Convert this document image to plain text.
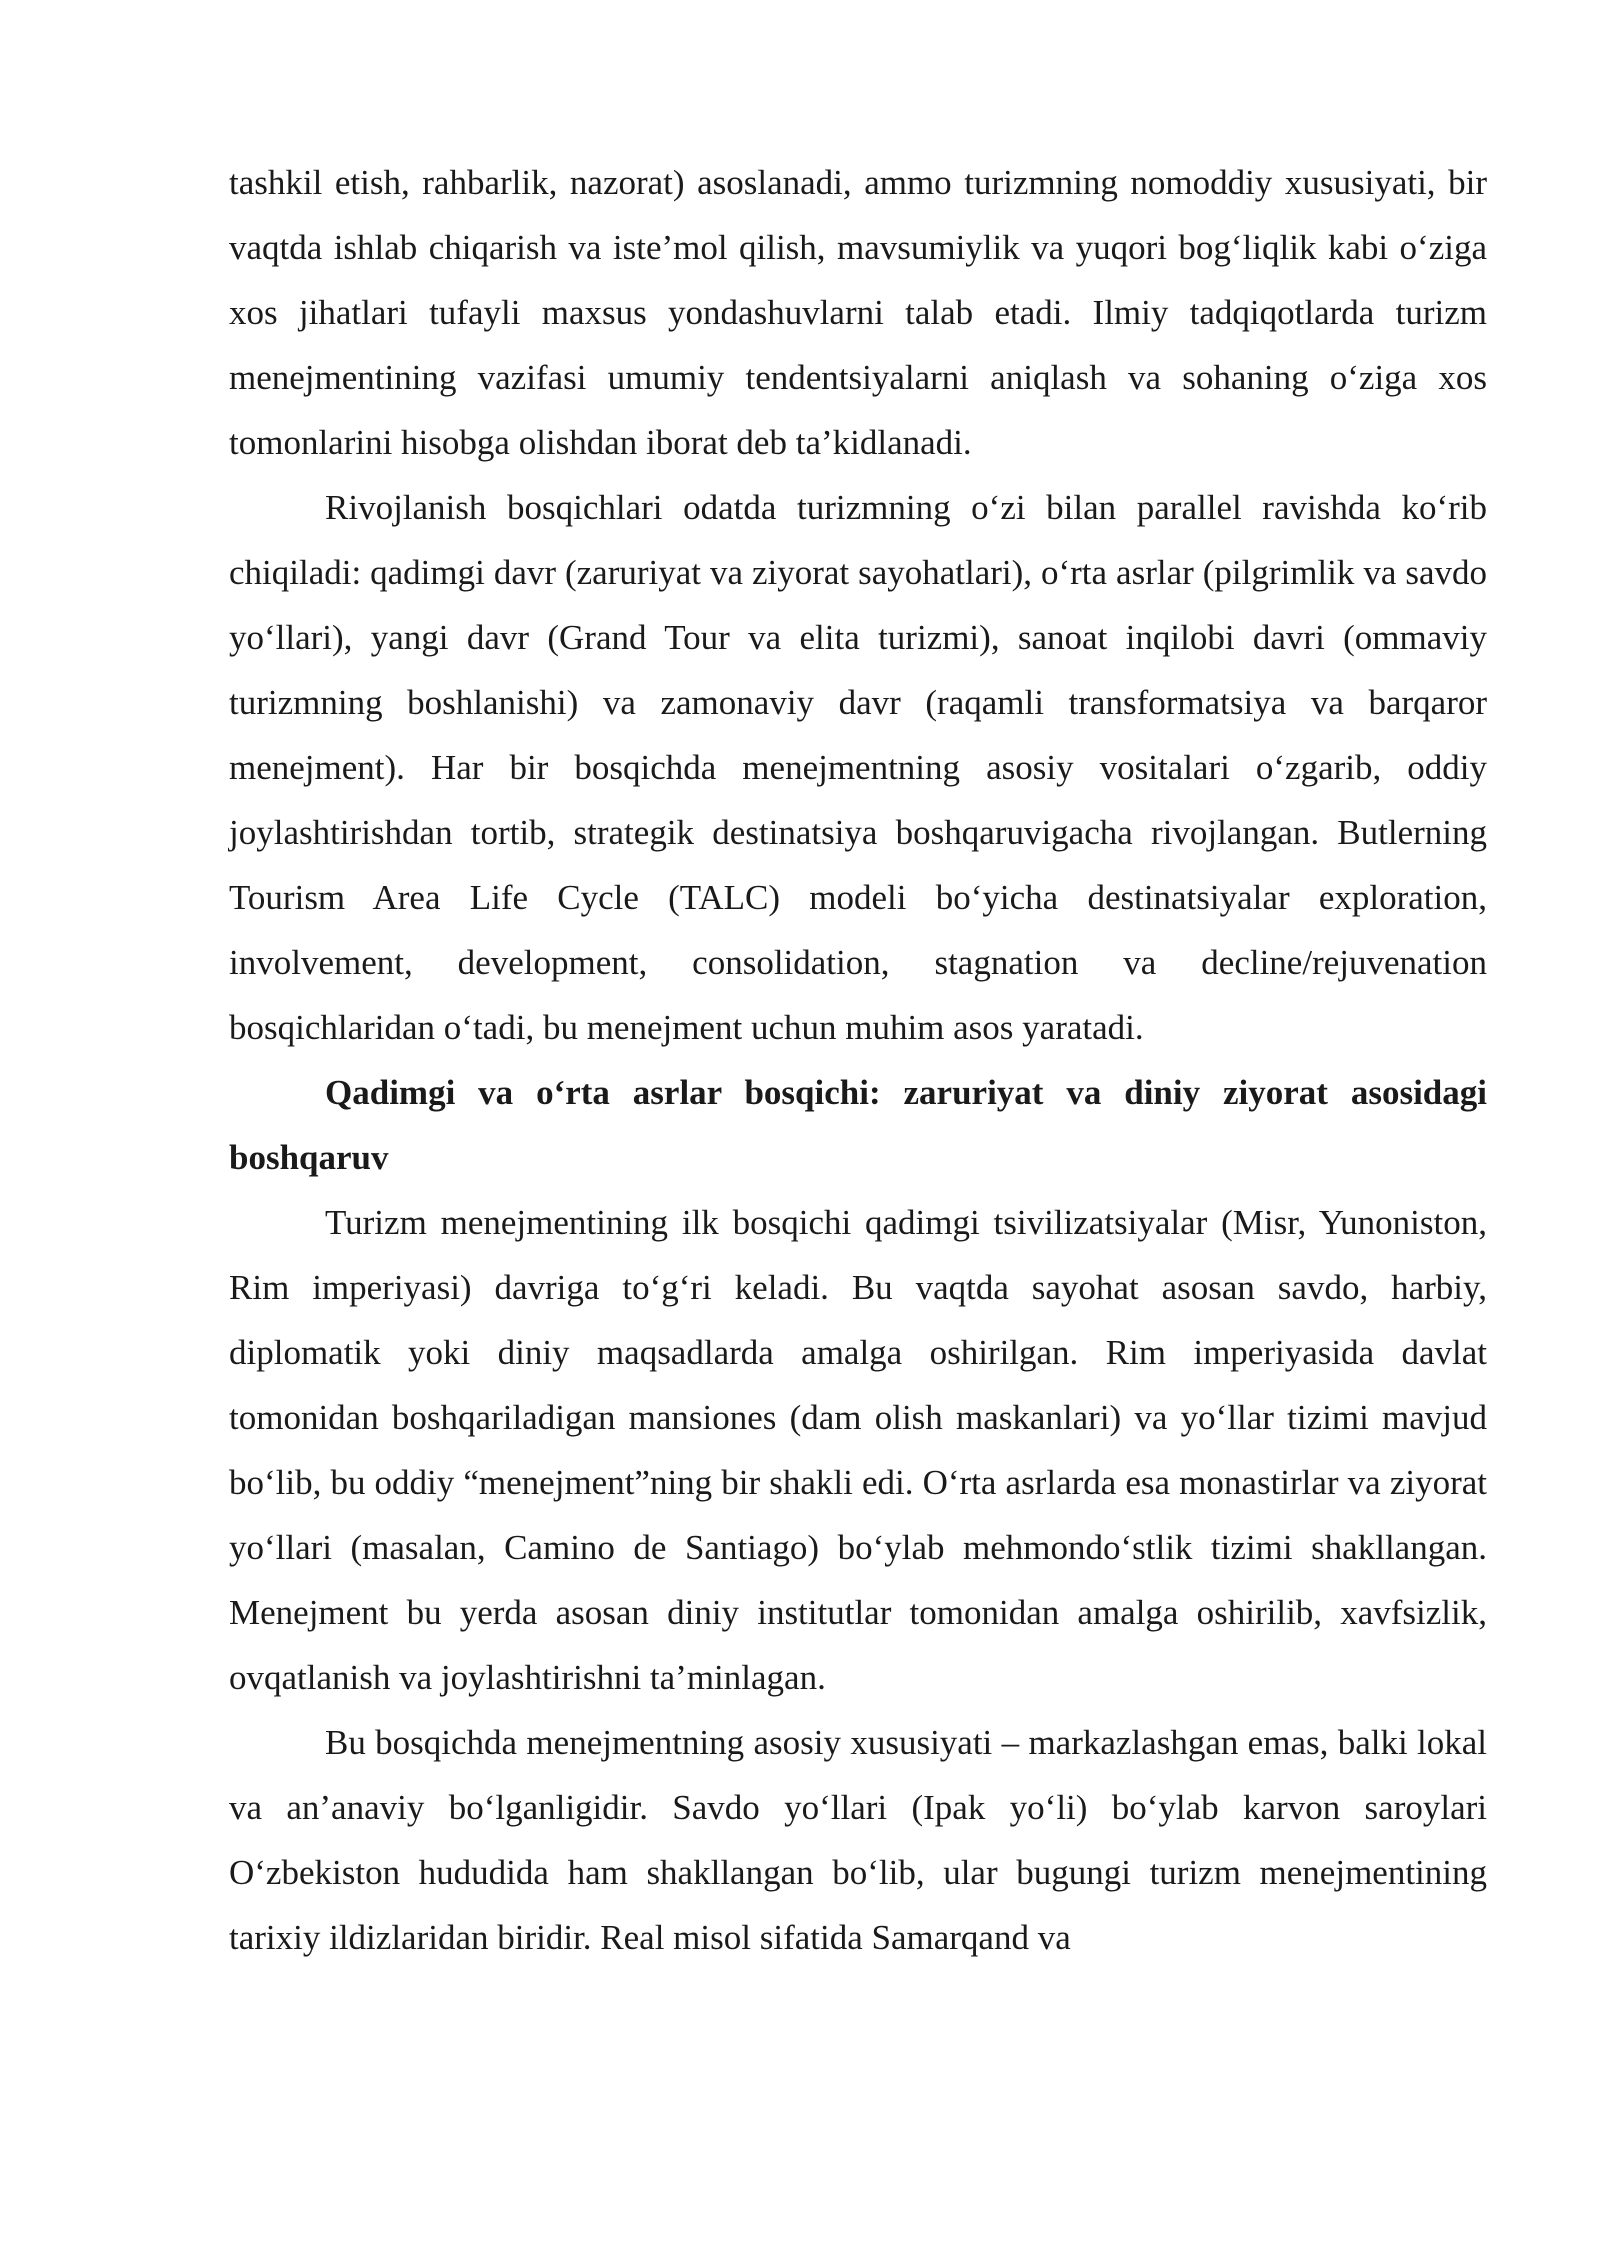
tashkil etish, rahbarlik, nazorat) asoslanadi, ammo turizmning nomoddiy xususiyati, bir vaqtda ishlab chiqarish va iste’mol qilish, mavsumiylik va yuqori bog‘liqlik kabi o‘ziga xos jihatlari tufayli maxsus yondashuvlarni talab etadi. Ilmiy tadqiqotlarda turizm menejmentining vazifasi umumiy tendentsiyalarni aniqlash va sohaning o‘ziga xos tomonlarini hisobga olishdan iborat deb ta’kidlanadi.

Rivojlanish bosqichlari odatda turizmning o‘zi bilan parallel ravishda ko‘rib chiqiladi: qadimgi davr (zaruriyat va ziyorat sayohatlari), o‘rta asrlar (pilgrimlik va savdo yo‘llari), yangi davr (Grand Tour va elita turizmi), sanoat inqilobi davri (ommaviy turizmning boshlanishi) va zamonaviy davr (raqamli transformatsiya va barqaror menejment). Har bir bosqichda menejmentning asosiy vositalari o‘zgarib, oddiy joylashtirishdan tortib, strategik destinatsiya boshqaruvigacha rivojlangan. Butlerning Tourism Area Life Cycle (TALC) modeli bo‘yicha destinatsiyalar exploration, involvement, development, consolidation, stagnation va decline/rejuvenation bosqichlaridan o‘tadi, bu menejment uchun muhim asos yaratadi.

Qadimgi va o‘rta asrlar bosqichi: zaruriyat va diniy ziyorat asosidagi boshqaruv

Turizm menejmentining ilk bosqichi qadimgi tsivilizatsiyalar (Misr, Yunoniston, Rim imperiyasi) davriga to‘g‘ri keladi. Bu vaqtda sayohat asosan savdo, harbiy, diplomatik yoki diniy maqsadlarda amalga oshirilgan. Rim imperiyasida davlat tomonidan boshqariladigan mansiones (dam olish maskanlari) va yo‘llar tizimi mavjud bo‘lib, bu oddiy “menejment”ning bir shakli edi. O‘rta asrlarda esa monastirlar va ziyorat yo‘llari (masalan, Camino de Santiago) bo‘ylab mehmondo‘stlik tizimi shakllangan. Menejment bu yerda asosan diniy institutlar tomonidan amalga oshirilib, xavfsizlik, ovqatlanish va joylashtirishni ta’minlagan.

Bu bosqichda menejmentning asosiy xususiyati – markazlashgan emas, balki lokal va an’anaviy bo‘lganligidir. Savdo yo‘llari (Ipak yo‘li) bo‘ylab karvon saroylari O‘zbekiston hududida ham shakllangan bo‘lib, ular bugungi turizm menejmentining tarixiy ildizlaridan biridir. Real misol sifatida Samarqand va
